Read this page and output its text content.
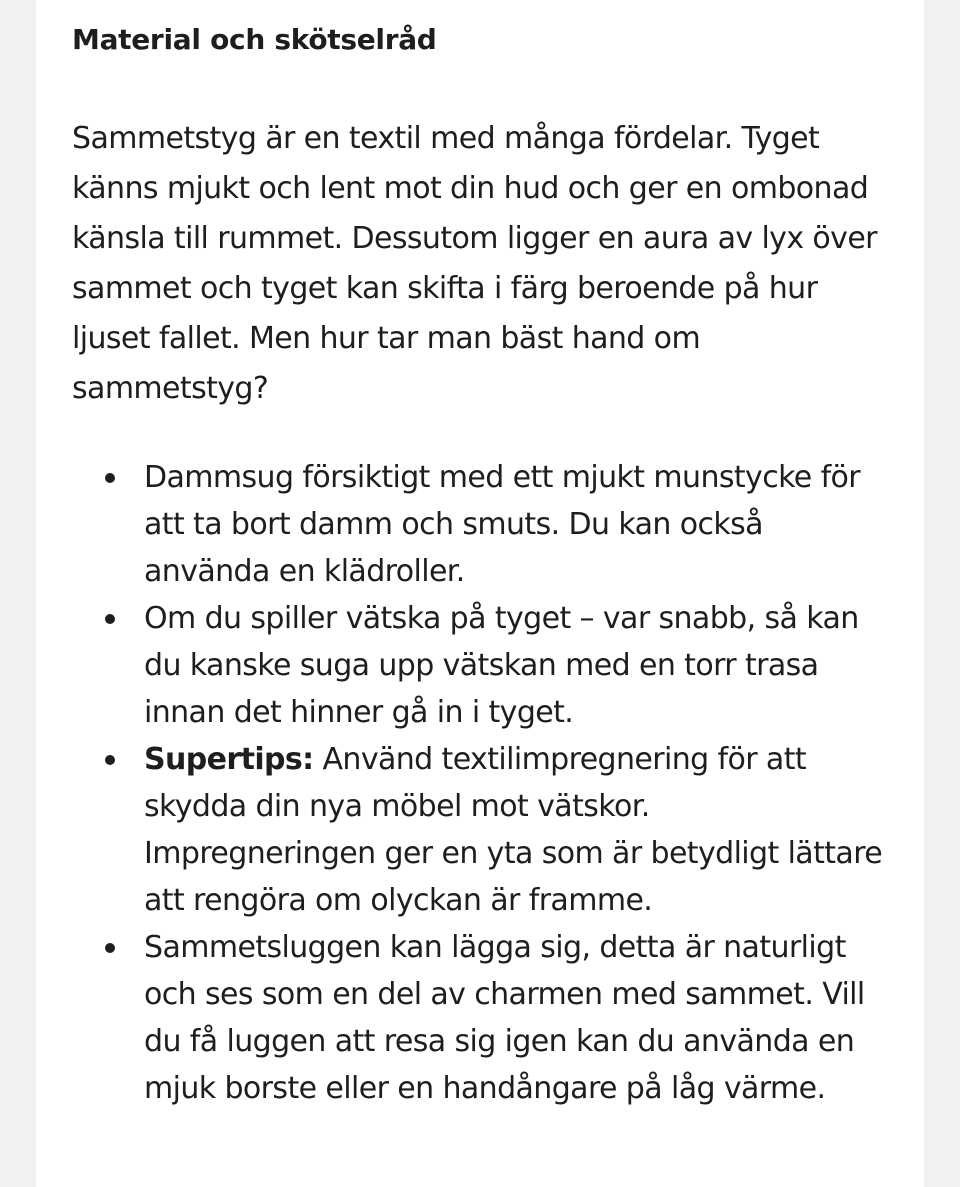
Material och skötselråd

Sammetstyg är en textil med många fördelar. Tyget känns mjukt och lent mot din hud och ger en ombonad känsla till rummet. Dessutom ligger en aura av lyx över sammet och tyget kan skifta i färg beroende på hur ljuset fallet. Men hur tar man bäst hand om sammetstyg?

Dammsug försiktigt med ett mjukt munstycke för att ta bort damm och smuts. Du kan också använda en klädroller.
Om du spiller vätska på tyget – var snabb, så kan du kanske suga upp vätskan med en torr trasa innan det hinner gå in i tyget.
Supertips: Använd textilimpregnering för att skydda din nya möbel mot vätskor. Impregneringen ger en yta som är betydligt lättare att rengöra om olyckan är framme.
Sammetsluggen kan lägga sig, detta är naturligt och ses som en del av charmen med sammet. Vill du få luggen att resa sig igen kan du använda en mjuk borste eller en handångare på låg värme.
